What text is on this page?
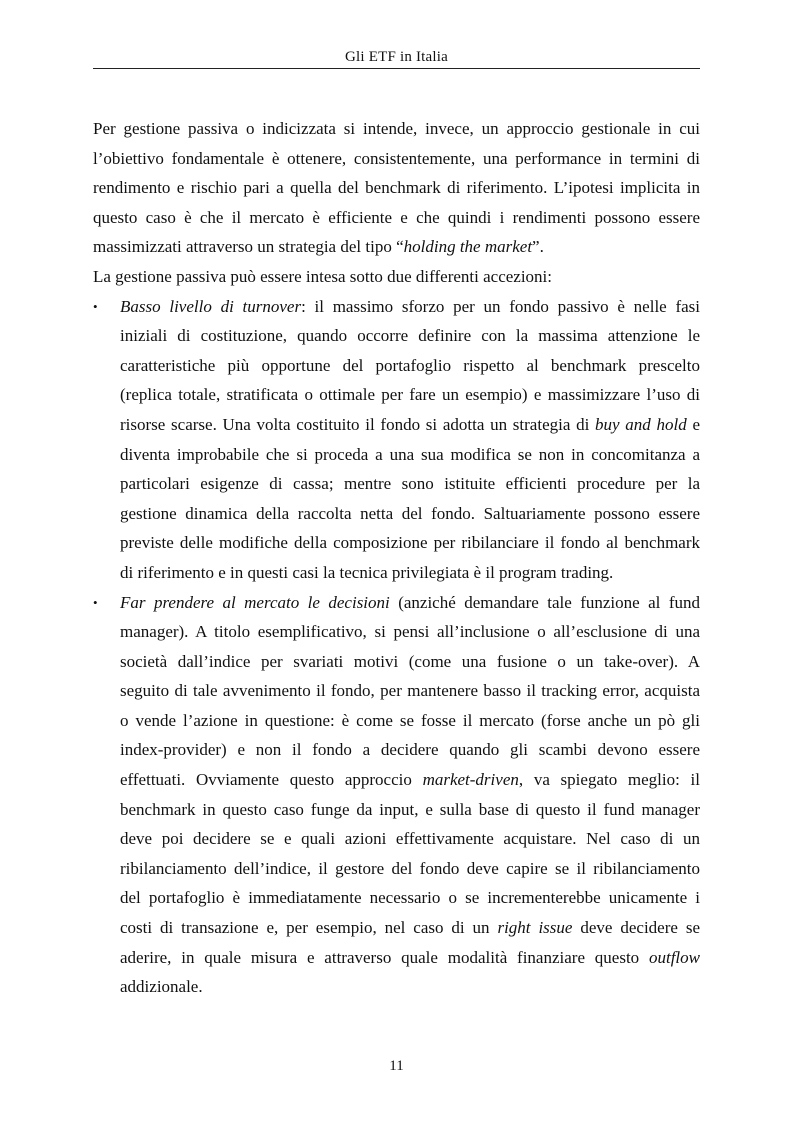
Gli ETF in Italia
Per gestione passiva o indicizzata si intende, invece, un approccio gestionale in cui
l’obiettivo fondamentale è ottenere, consistentemente, una performance in termini di
rendimento e rischio pari a quella del benchmark di riferimento. L’ipotesi implicita in
questo caso è che il mercato è efficiente e che quindi i rendimenti possono essere
massimizzati attraverso un strategia del tipo “holding the market”.
La gestione passiva può essere intesa sotto due differenti accezioni:
• Basso livello di turnover: il massimo sforzo per un fondo passivo è nelle fasi
iniziali di costituzione, quando occorre definire con la massima attenzione le
caratteristiche più opportune del portafoglio rispetto al benchmark prescelto
(replica totale, stratificata o ottimale per fare un esempio) e massimizzare l’uso di
risorse scarse. Una volta costituito il fondo si adotta un strategia di buy and hold e
diventa improbabile che si proceda a una sua modifica se non in concomitanza a
particolari esigenze di cassa; mentre sono istituite efficienti procedure per la
gestione dinamica della raccolta netta del fondo. Saltuariamente possono essere
previste delle modifiche della composizione per ribilanciare il fondo al benchmark
di riferimento e in questi casi la tecnica privilegiata è il program trading.
• Far prendere al mercato le decisioni (anziché demandare tale funzione al fund
manager). A titolo esemplificativo, si pensi all’inclusione o all’esclusione di una
società dall’indice per svariati motivi (come una fusione o un take-over). A
seguito di tale avvenimento il fondo, per mantenere basso il tracking error, acquista
o vende l’azione in questione: è come se fosse il mercato (forse anche un pò gli
index-provider) e non il fondo a decidere quando gli scambi devono essere
effettuati. Ovviamente questo approccio market-driven, va spiegato meglio: il
benchmark in questo caso funge da input, e sulla base di questo il fund manager
deve poi decidere se e quali azioni effettivamente acquistare. Nel caso di un
ribilanciamento dell’indice, il gestore del fondo deve capire se il ribilanciamento
del portafoglio è immediatamente necessario o se incrementerebbe unicamente i
costi di transazione e, per esempio, nel caso di un right issue deve decidere se
aderire, in quale misura e attraverso quale modalità finanziare questo outflow
addizionale.
11
